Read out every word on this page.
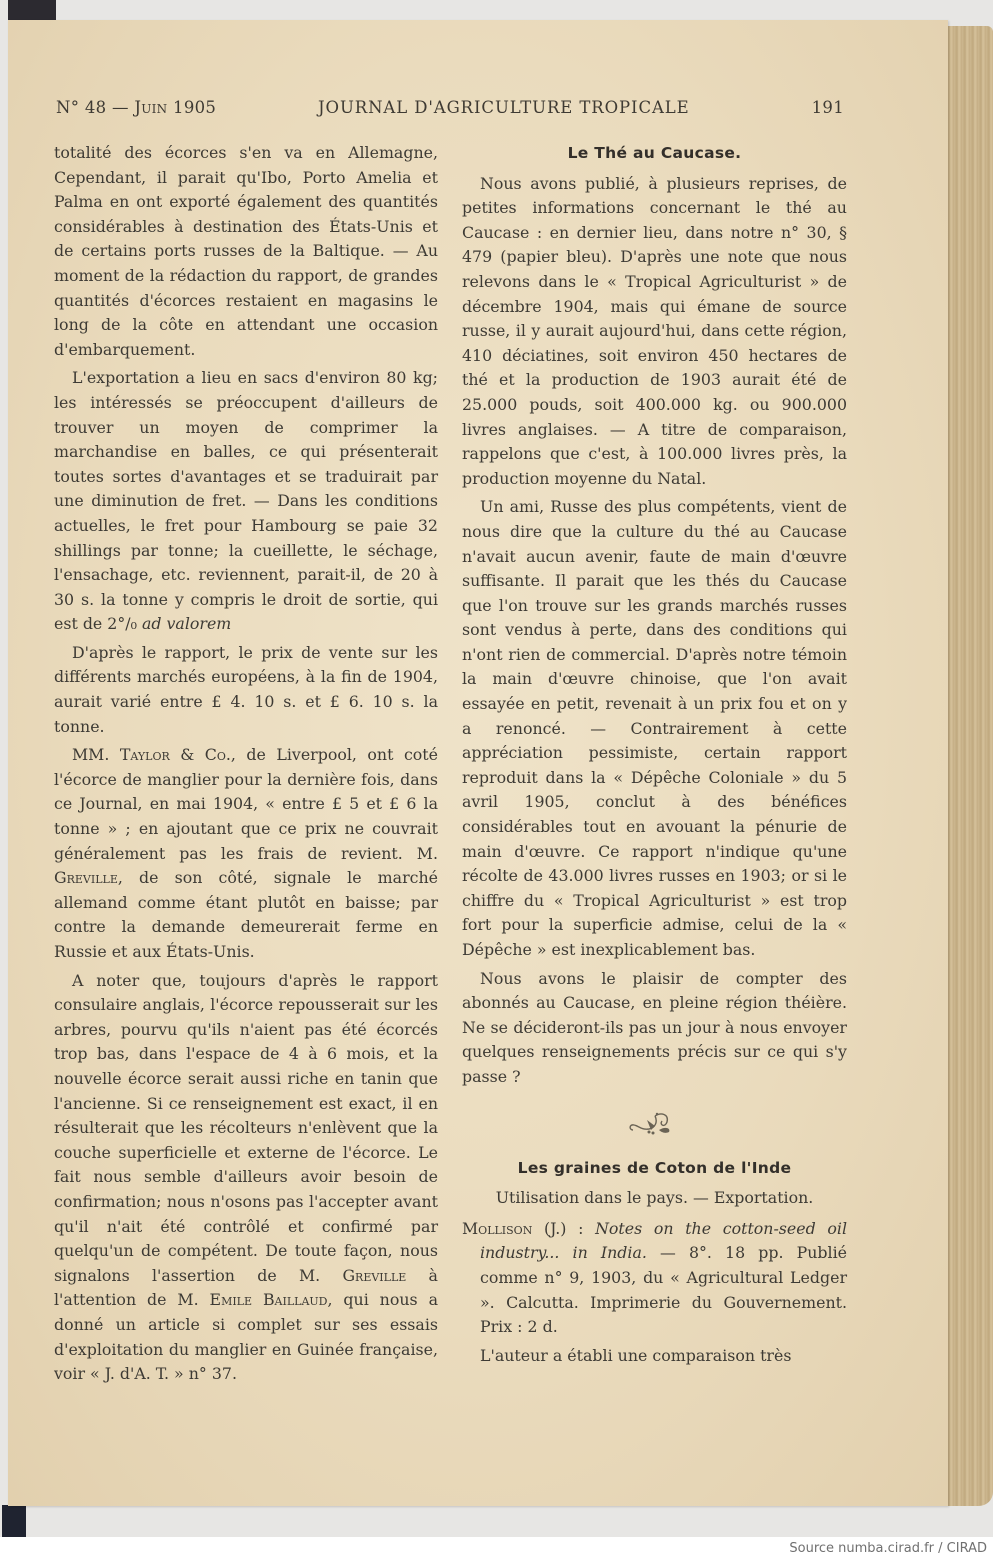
N° 48 — Juin 1905	JOURNAL D'AGRICULTURE TROPICALE	191

totalité des écorces s'en va en Allemagne, Cependant, il parait qu'Ibo, Porto Amelia et Palma en ont exporté également des quantités considérables à destination des États-Unis et de certains ports russes de la Baltique. — Au moment de la rédaction du rapport, de grandes quantités d'écorces restaient en magasins le long de la côte en attendant une occasion d'embarquement.

L'exportation a lieu en sacs d'environ 80 kg; les intéressés se préoccupent d'ailleurs de trouver un moyen de comprimer la marchandise en balles, ce qui présenterait toutes sortes d'avantages et se traduirait par une diminution de fret. — Dans les conditions actuelles, le fret pour Hambourg se paie 32 shillings par tonne; la cueillette, le séchage, l'ensachage, etc. reviennent, parait-il, de 20 à 30 s. la tonne y compris le droit de sortie, qui est de 2°/₀ ad valorem

D'après le rapport, le prix de vente sur les différents marchés européens, à la fin de 1904, aurait varié entre £ 4. 10 s. et £ 6. 10 s. la tonne.

MM. Taylor & Co., de Liverpool, ont coté l'écorce de manglier pour la dernière fois, dans ce Journal, en mai 1904, « entre £ 5 et £ 6 la tonne » ; en ajoutant que ce prix ne couvrait généralement pas les frais de revient. M. Greville, de son côté, signale le marché allemand comme étant plutôt en baisse; par contre la demande demeurerait ferme en Russie et aux États-Unis.

A noter que, toujours d'après le rapport consulaire anglais, l'écorce repousserait sur les arbres, pourvu qu'ils n'aient pas été écorcés trop bas, dans l'espace de 4 à 6 mois, et la nouvelle écorce serait aussi riche en tanin que l'ancienne. Si ce renseignement est exact, il en résulterait que les récolteurs n'enlèvent que la couche superficielle et externe de l'écorce. Le fait nous semble d'ailleurs avoir besoin de confirmation; nous n'osons pas l'accepter avant qu'il n'ait été contrôlé et confirmé par quelqu'un de compétent. De toute façon, nous signalons l'assertion de M. Greville à l'attention de M. Emile Baillaud, qui nous a donné un article si complet sur ses essais d'exploitation du manglier en Guinée française, voir « J. d'A. T. » n° 37.

Le Thé au Caucase.

Nous avons publié, à plusieurs reprises, de petites informations concernant le thé au Caucase : en dernier lieu, dans notre n° 30, § 479 (papier bleu). D'après une note que nous relevons dans le « Tropical Agriculturist » de décembre 1904, mais qui émane de source russe, il y aurait aujourd'hui, dans cette région, 410 déciatines, soit environ 450 hectares de thé et la production de 1903 aurait été de 25.000 pouds, soit 400.000 kg. ou 900.000 livres anglaises. — A titre de comparaison, rappelons que c'est, à 100.000 livres près, la production moyenne du Natal.

Un ami, Russe des plus compétents, vient de nous dire que la culture du thé au Caucase n'avait aucun avenir, faute de main d'œuvre suffisante. Il parait que les thés du Caucase que l'on trouve sur les grands marchés russes sont vendus à perte, dans des conditions qui n'ont rien de commercial. D'après notre témoin la main d'œuvre chinoise, que l'on avait essayée en petit, revenait à un prix fou et on y a renoncé. — Contrairement à cette appréciation pessimiste, certain rapport reproduit dans la « Dépêche Coloniale » du 5 avril 1905, conclut à des bénéfices considérables tout en avouant la pénurie de main d'œuvre. Ce rapport n'indique qu'une récolte de 43.000 livres russes en 1903; or si le chiffre du « Tropical Agriculturist » est trop fort pour la superficie admise, celui de la « Dépêche » est inexplicablement bas.

Nous avons le plaisir de compter des abonnés au Caucase, en pleine région théière. Ne se décideront-ils pas un jour à nous envoyer quelques renseignements précis sur ce qui s'y passe ?

Les graines de Coton de l'Inde
Utilisation dans le pays. — Exportation.

Mollison (J.) : Notes on the cotton-seed oil industry... in India. — 8°. 18 pp. Publié comme n° 9, 1903, du « Agricultural Ledger ». Calcutta. Imprimerie du Gouvernement. Prix : 2 d.

L'auteur a établi une comparaison très

Source numba.cirad.fr / CIRAD
